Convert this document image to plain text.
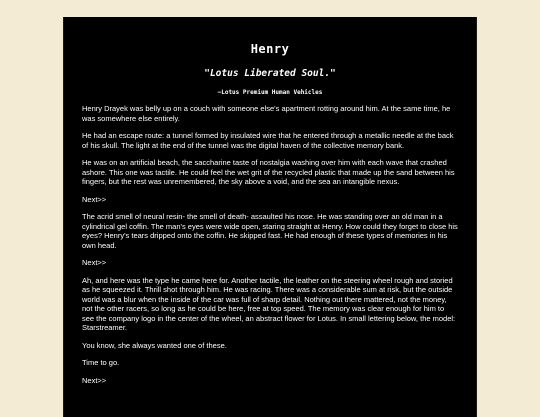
Henry
"Lotus Liberated Soul."
–Lotus Premium Human Vehicles

Henry Drayek was belly up on a couch with someone else's apartment rotting around him. At the same time, he was somewhere else entirely.

He had an escape route: a tunnel formed by insulated wire that he entered through a metallic needle at the back of his skull. The light at the end of the tunnel was the digital haven of the collective memory bank.

He was on an artificial beach, the saccharine taste of nostalgia washing over him with each wave that crashed ashore. This one was tactile. He could feel the wet grit of the recycled plastic that made up the sand between his fingers, but the rest was unremembered, the sky above a void, and the sea an intangible nexus.

Next>>

The acrid smell of neural resin- the smell of death- assaulted his nose. He was standing over an old man in a cylindrical gel coffin. The man's eyes were wide open, staring straight at Henry. How could they forget to close his eyes? Henry's tears dripped onto the coffin. He skipped fast. He had enough of these types of memories in his own head.

Next>>

Ah, and here was the type he came here for. Another tactile, the leather on the steering wheel rough and storied as he squeezed it. Thrill shot through him. He was racing. There was a considerable sum at risk, but the outside world was a blur when the inside of the car was full of sharp detail. Nothing out there mattered, not the money, not the other racers, so long as he could be here, free at top speed. The memory was clear enough for him to see the company logo in the center of the wheel, an abstract flower for Lotus. In small lettering below, the model: Starstreamer.

You know, she always wanted one of these.

Time to go.

Next>>
